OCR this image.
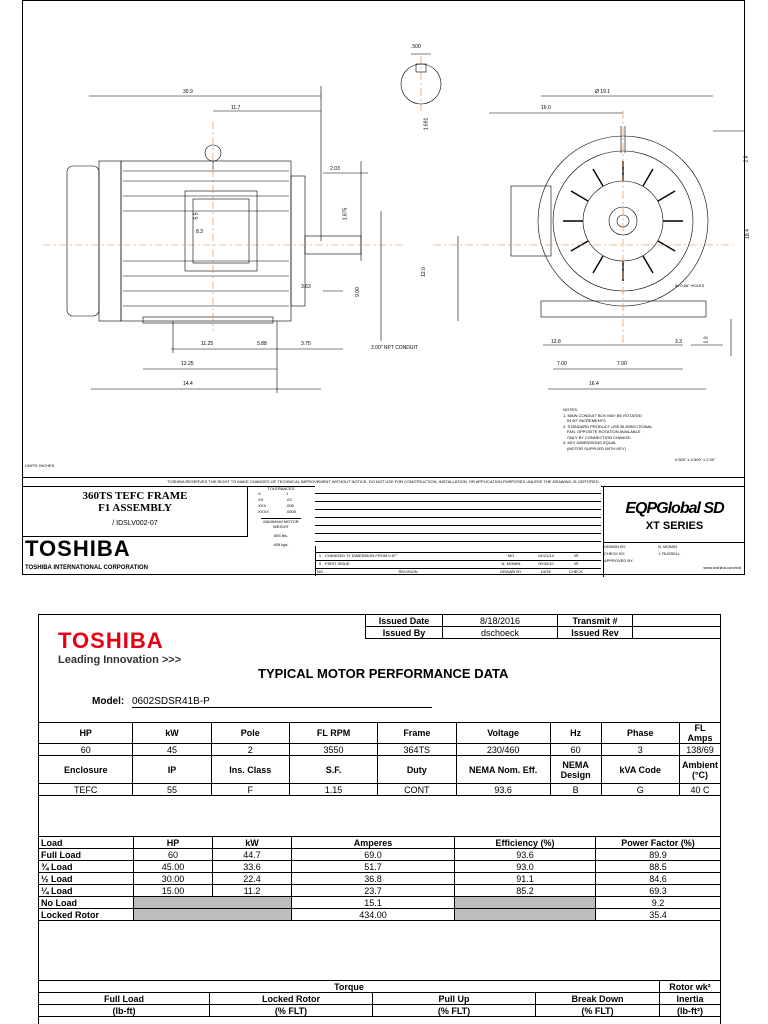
30.9
11.7
.500
1.691
2.03
1.875
5.5
8.3
3.63
9.00
11.25	5.88	3.75
12.25
14.4
Ø 19.1
16.0
2.8
18.4
12.0
8x 0.66" HOLES
12.8	3.3	1.0
7.00	7.00
16.4
3.00" NPT CONDUIT
NOTES:
1. MAIN CONDUIT BOX MAY BE ROTATED
IN 90° INCREMENTS
2. STANDARD PRODUCT USE BI-DIRECTIONAL
FAN. OPPOSITE ROTATION AVAILABLE
ONLY BY CONNECTION CHANGE.
3. KEY DIMENSIONS EQUAL
(MOTOR SUPPLIED WITH KEY)
0.500" x 0.500" x 2.00"
UNITS: INCHES
TOSHIBA RESERVES THE RIGHT TO MAKE CHANGES OF TECHNICAL IMPROVEMENT WITHOUT NOTICE. DO NOT USE FOR CONSTRUCTION, INSTALLATION, OR APPLICATION PURPOSES UNLESS THE DRAWING IS CERTIFIED.
360TS TEFC FRAME
F1 ASSEMBLY
/ IDSLV002-07
TOSHIBA
TOSHIBA INTERNATIONAL CORPORATION
TOLERANCES
.X	1
.XX	.03
.XXX	.005
.XXXX	.0005
MAXIMUM MOTOR WEIGHT
893 lbs.
405 kgs.
1 CHANGED 'H' DIMENSION FROM 0.67"	MO	04/21/14	JR
0 FIRST ISSUE	N. MOMIN	09/30/10	JR
NO	REVISION	DRAWN BY	DATE	CHECK
EQPGlobal SD
XT SERIES
DRAWN BY:	N. MOMIN
CHECK BY:	J. RUSSELL
APPROVED BY:
www.toshiba.com/ind
Issued Date	8/18/2016	Transmit #	
Issued By	dschoeck	Issued Rev	
TOSHIBA
Leading Innovation >>>
TYPICAL MOTOR PERFORMANCE DATA
Model: 0602SDSR41B-P
HP	kW	Pole	FL RPM	Frame	Voltage	Hz	Phase	FL Amps
60	45	2	3550	364TS	230/460	60	3	138/69
Enclosure	IP	Ins. Class	S.F.	Duty	NEMA Nom. Eff.	NEMA Design	kVA Code	Ambient (°C)
TEFC	55	F	1.15	CONT	93.6	B	G	40 C
Load	HP	kW	Amperes	Efficiency (%)	Power Factor (%)
Full Load	60	44.7	69.0	93.6	89.9
¾ Load	45.00	33.6	51.7	93.0	88.5
½ Load	30.00	22.4	36.8	91.1	84.6
¼ Load	15.00	11.2	23.7	85.2	69.3
No Load			15.1		9.2
Locked Rotor			434.00		35.4
Torque				Rotor wk²
Full Load	Locked Rotor	Pull Up	Break Down	Inertia
(lb-ft)	(% FLT)	(% FLT)	(% FLT)	(lb-ft²)
